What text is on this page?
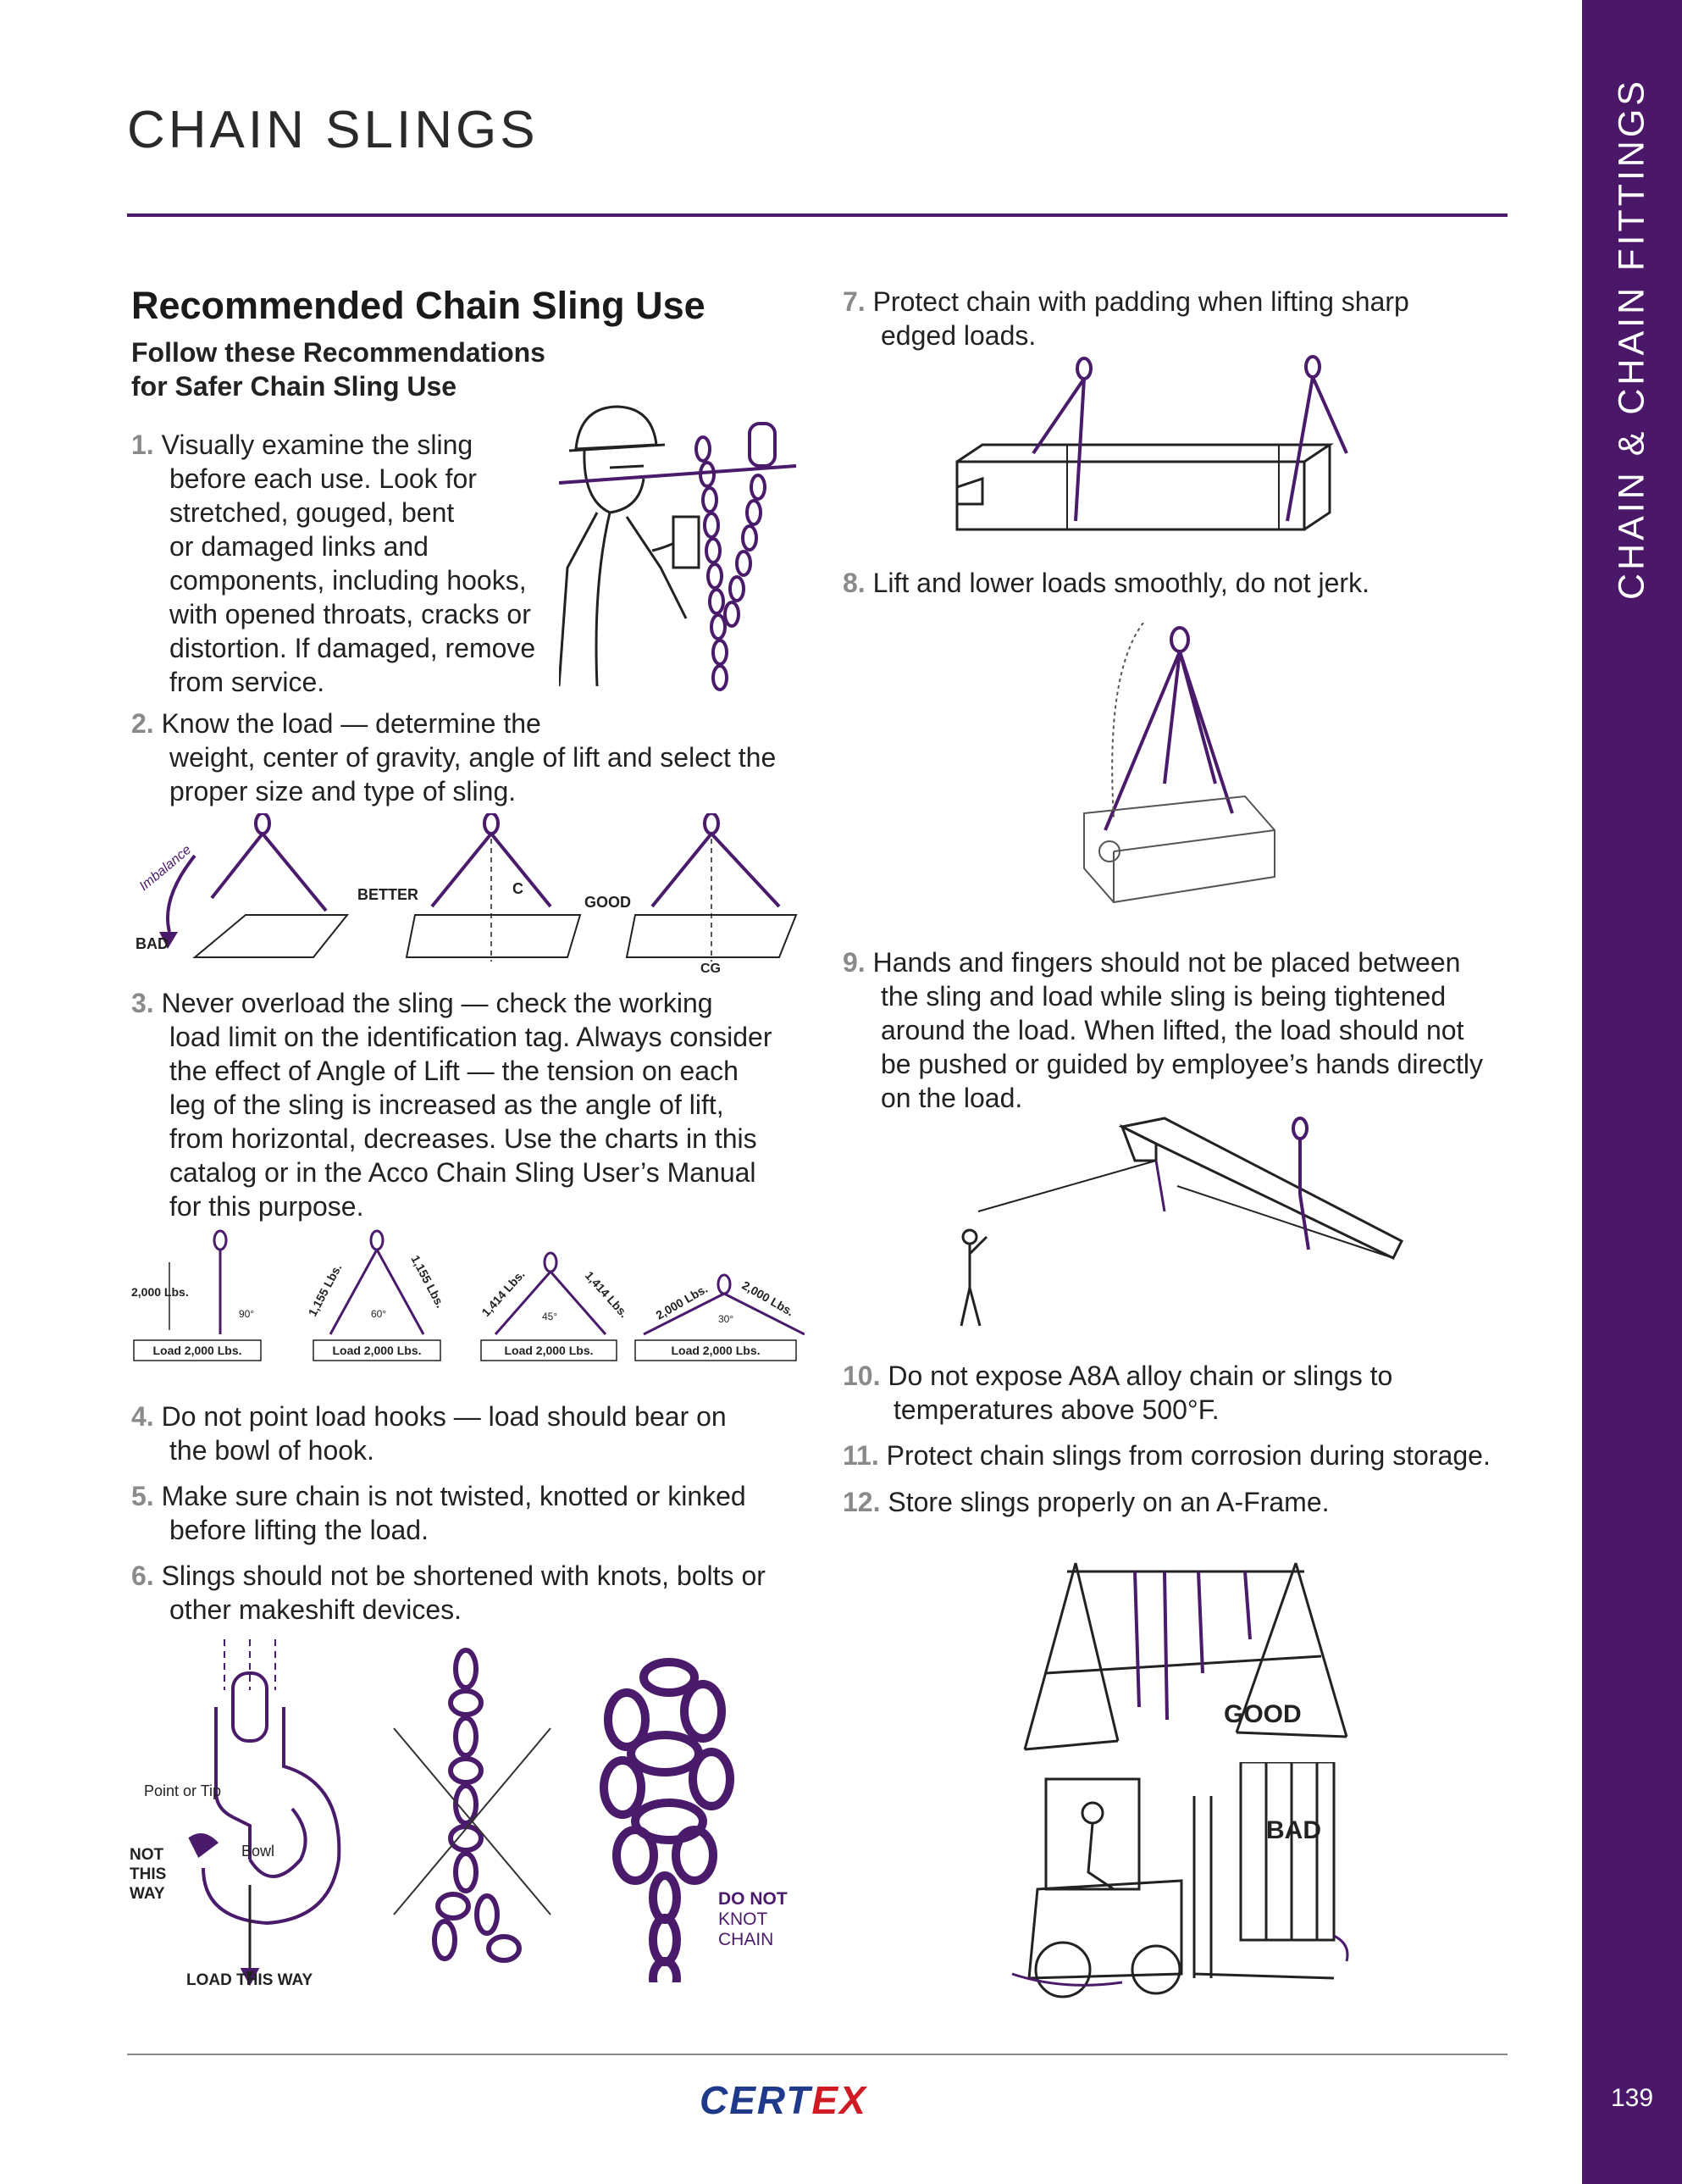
CHAIN & CHAIN FITTINGS
139
CHAIN SLINGS
Recommended Chain Sling Use
Follow these Recommendations
for Safer Chain Sling Use
1. Visually examine the sling
before each use. Look for
stretched, gouged, bent
or damaged links and
components, including hooks,
with opened throats, cracks or
distortion. If damaged, remove
from service.
2. Know the load — determine the
weight, center of gravity, angle of lift and select the
proper size and type of sling.
Imbalance
BAD
BETTER	C
GOOD
CG
3. Never overload the sling — check the working
load limit on the identification tag. Always consider
the effect of Angle of Lift — the tension on each
leg of the sling is increased as the angle of lift,
from horizontal, decreases. Use the charts in this
catalog or in the Acco Chain Sling User’s Manual
for this purpose.
2,000 Lbs.
90°	60°	45°	30°
1,155 Lbs.	1,155 Lbs.	1,414 Lbs.	1,414 Lbs. 2,000 Lbs.	2,000 Lbs.
Load 2,000 Lbs.	Load 2,000 Lbs.	Load 2,000 Lbs.	Load 2,000 Lbs.
4. Do not point load hooks — load should bear on
the bowl of hook.
5. Make sure chain is not twisted, knotted or kinked
before lifting the load.
6. Slings should not be shortened with knots, bolts or
other makeshift devices.
Point or Tip
Bowl
NOT
THIS
WAY
LOAD THIS WAY
DO NOT
KNOT
CHAIN
7. Protect chain with padding when lifting sharp
edged loads.
8. Lift and lower loads smoothly, do not jerk.
9. Hands and fingers should not be placed between
the sling and load while sling is being tightened
around the load. When lifted, the load should not
be pushed or guided by employee’s hands directly
on the load.
10. Do not expose A8A alloy chain or slings to
temperatures above 500°F.
11. Protect chain slings from corrosion during storage.
12. Store slings properly on an A-Frame.
GOOD
BAD
CERTEX
